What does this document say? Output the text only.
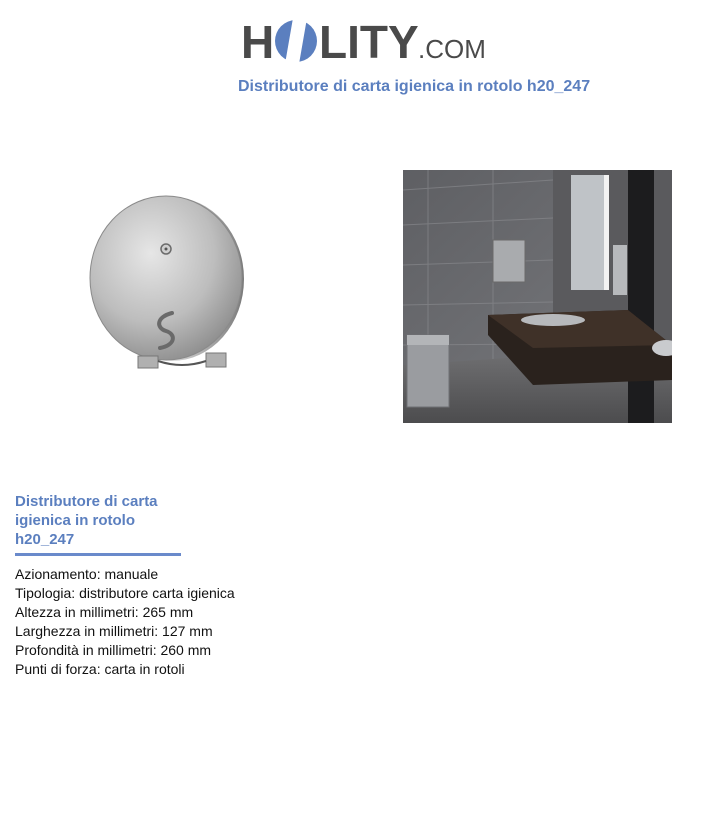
H LITY .COM
Distributore di carta igienica in rotolo h20_247
Distributore di carta
igienica in rotolo
h20_247
Azionamento: manuale
Tipologia: distributore carta igienica
Altezza in millimetri: 265 mm
Larghezza in millimetri: 127 mm
Profondità in millimetri: 260 mm
Punti di forza: carta in rotoli
